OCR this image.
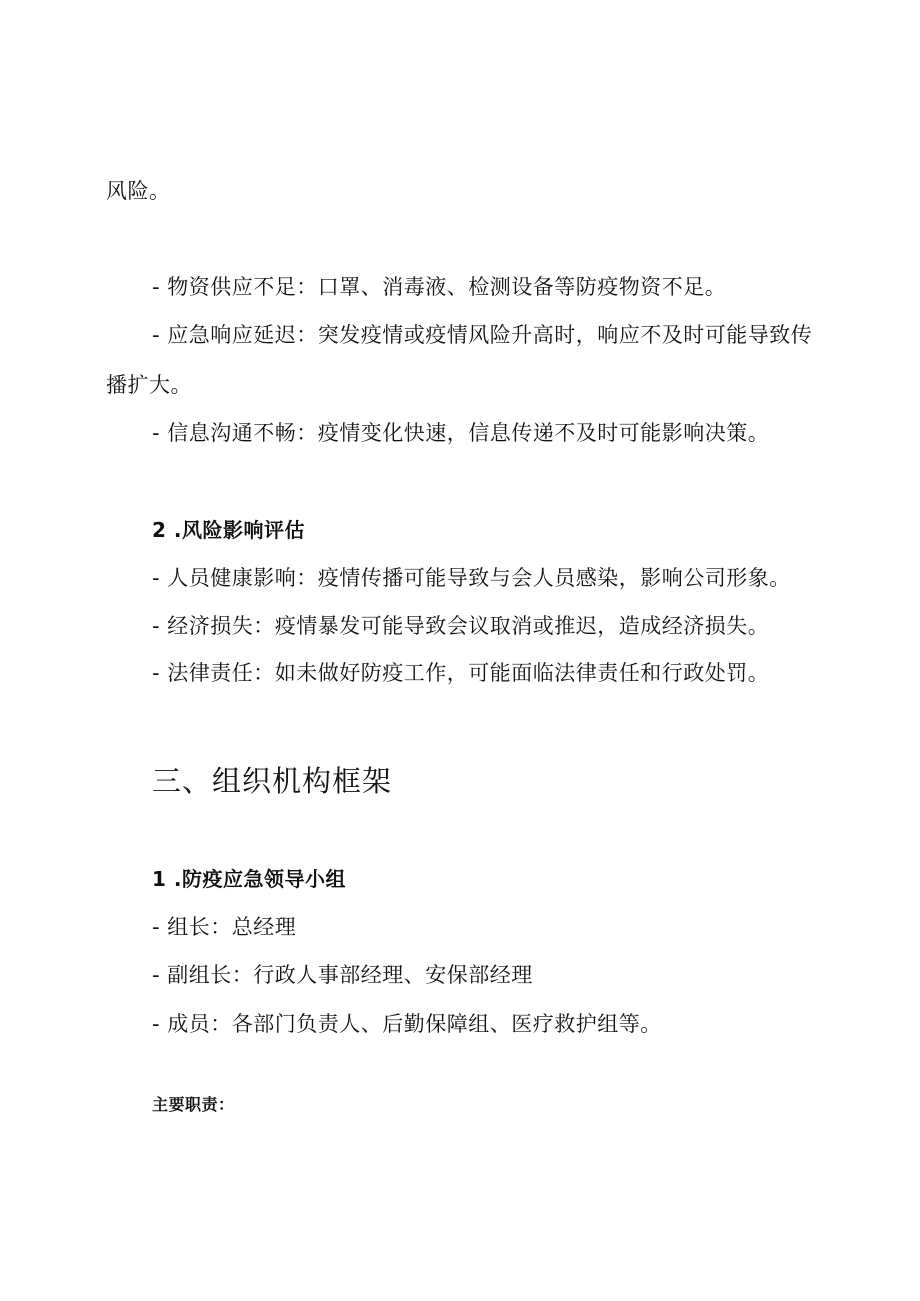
风险。
- 物资供应不足：口罩、消毒液、检测设备等防疫物资不足。
- 应急响应延迟：突发疫情或疫情风险升高时，响应不及时可能导致传
播扩大。
- 信息沟通不畅：疫情变化快速，信息传递不及时可能影响决策。
2 .风险影响评估
- 人员健康影响：疫情传播可能导致与会人员感染，影响公司形象。
- 经济损失：疫情暴发可能导致会议取消或推迟，造成经济损失。
- 法律责任：如未做好防疫工作，可能面临法律责任和行政处罚。
三、组织机构框架
1 .防疫应急领导小组
- 组长：总经理
- 副组长：行政人事部经理、安保部经理
- 成员：各部门负责人、后勤保障组、医疗救护组等。
主要职责：
